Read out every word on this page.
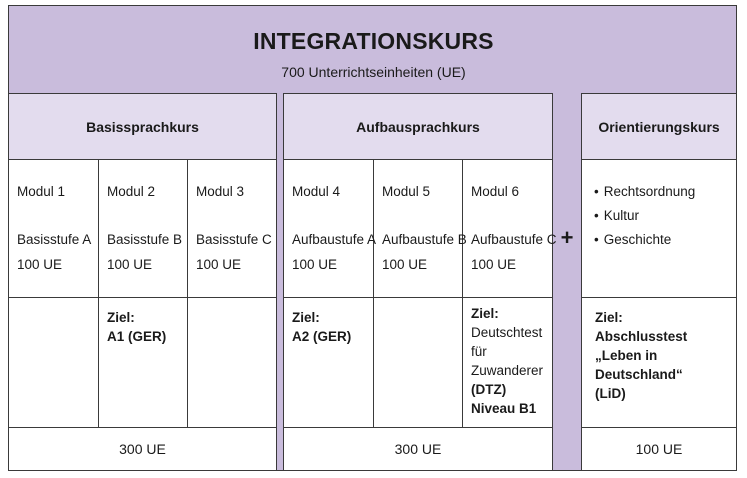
INTEGRATIONSKURS
700 Unterrichtseinheiten (UE)
Basissprachkurs
Modul 1
Basisstufe A
100 UE
Modul 2
Basisstufe B
100 UE
Modul 3
Basisstufe C
100 UE
Ziel:
A1 (GER)
300 UE
Aufbausprachkurs
Modul 4
Aufbaustufe A
100 UE
Modul 5
Aufbaustufe B
100 UE
Modul 6
Aufbaustufe C
100 UE
Ziel:
A2 (GER)
Ziel:
Deutschtest
für
Zuwanderer
(DTZ)
Niveau B1
300 UE
+
Orientierungskurs
• Rechtsordnung
• Kultur
• Geschichte
Ziel:
Abschlusstest
„Leben in
Deutschland“
(LiD)
100 UE
